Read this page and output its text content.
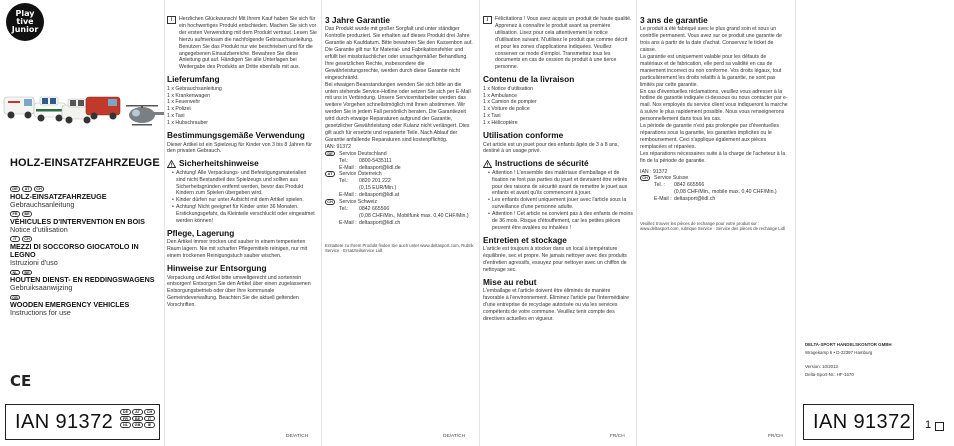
Play
tive
Junior
HOLZ-EINSATZFAHRZEUGE
DE	AT	CH
HOLZ-EINSATZFAHRZEUGE
Gebrauchsanleitung
FR	BE
VÉHICULES D'INTERVENTION EN BOIS
Notice d'utilisation
IT	CH
MEZZI DI SOCCORSO GIOCATOLO IN LEGNO
Istruzioni d'uso
NL	BE
HOUTEN DIENST- EN REDDINGSWAGENS
Gebruiksaanwijzing
GB
WOODEN EMERGENCY VEHICLES
Instructions for use
CE
IAN 91372	DE	AT	CH
FR	BE	IT
NL	GB	IE
i	Herzlichen Glückwunsch! Mit Ihrem Kauf haben Sie sich für ein hochwertiges Produkt entschieden. Machen Sie sich vor der ersten Verwendung mit dem Produkt vertraut. Lesen Sie hierzu aufmerksam die nachfolgende Gebrauchsanleitung. Benutzen Sie das Produkt nur wie beschrieben und für die angegebenen Einsatzbereiche. Bewahren Sie diese Anleitung gut auf. Händigen Sie alle Unterlagen bei Weitergabe des Produkts an Dritte ebenfalls mit aus.

Lieferumfang

1 x Gebrauchsanleitung

1 x Krankenwagen

1 x Feuerwehr

1 x Polizei

1 x Taxi

1 x Hubschrauber

Bestimmungsgemäße Verwendung

Dieser Artikel ist ein Spielzeug für Kinder von 3 bis 8 Jahren für den privaten Gebrauch.

Sicherheitshinweise
• Achtung! Alle Verpackungs- und Befestigungsmaterialien sind nicht Bestandteil des Spielzeugs und sollten aus Sicherheitsgründen entfernt werden, bevor das Produkt Kindern zum Spielen übergeben wird.
• Kinder dürfen nur unter Aufsicht mit dem Artikel spielen.
• Achtung! Nicht geeignet für Kinder unter 36 Monaten. Erstickungsgefahr, da Kleinteile verschluckt oder eingeatmet werden können!
Pflege, Lagerung

Den Artikel immer trocken und sauber in einem temperierten Raum lagern. Nie mit scharfen Pflegemitteln reinigen, nur mit einem trockenen Reinigungstuch sauber wischen.

Hinweise zur Entsorgung

Verpackung und Artikel bitte umweltgerecht und sortenrein entsorgen! Entsorgen Sie den Artikel über einen zugelassenen Entsorgungsbetrieb oder über Ihre kommunale Gemeindeverwaltung. Beachten Sie die aktuell geltenden Vorschriften.

DE/AT/CH
3 Jahre Garantie

Das Produkt wurde mit großer Sorgfalt und unter ständiger Kontrolle produziert. Sie erhalten auf dieses Produkt drei Jahre Garantie ab Kaufdatum. Bitte bewahren Sie den Kassenbon auf.

Die Garantie gilt nur für Material- und Fabrikationsfehler und erfüllt bei missbräuchlicher oder unsachgemäßer Behandlung. Ihre gesetzlichen Rechte, insbesondere die Gewährleistungsrechte, werden durch diese Garantie nicht eingeschränkt.

Bei etwaigen Beanstandungen wenden Sie sich bitte an die unten stehende Service-Hotline oder setzen Sie sich per E-Mail mit uns in Verbindung. Unsere Servicemitarbeiter werden das weitere Vorgehen schnellstmöglich mit Ihnen abstimmen. Wir werden Sie in jedem Fall persönlich beraten. Die Garantiezeit wird durch etwaige Reparaturen aufgrund der Garantie, gesetzlicher Gewährleistung oder Kulanz nicht verlängert. Dies gilt auch für ersetzte und reparierte Teile. Nach Ablauf der Garantie anfallende Reparaturen sind kostenpflichtig.

IAN: 91372

DE	Service Deutschland

Tel.:	0800-5435111
E-Mail : deltasport@lidl.de
AT	Service Österreich

Tel.:	0820 201 222
(0,15 EUR/Min.)
E-Mail : deltasport@lidl.at
CH	Service Schweiz

Tel.:	0842 665566
(0,08 CHF/Min., Mobilfunk max. 0,40 CHF/Min.)
E-Mail : deltasport@lidl.ch

Erstattete zu Ihrem Produkt finden Sie auch unter www.deltasport.com, Rubrik Service · Ersatzteilservice Lidl

DE/AT/CH
i	Félicitations ! Vous avez acquis un produit de haute qualité. Apprenez à connaître le produit avant sa première utilisation. Lisez pour cela attentivement le notice d'utilisation suivant. N'utilisez le produit que comme décrit et pour les zones d'applications indiquées. Veuillez conserver ce mode d'emploi. Transmettez tous les documents en cas de cession du produit à une tierce personne.

Contenu de la livraison

1 x Notice d'utilisation

1 x Ambulance

1 x Camion de pompier

1 x Voiture de police

1 x Taxi

1 x Hélicoptère

Utilisation conforme

Cet article est un jouet pour des enfants âgés de 3 à 8 ans, destiné à un usage privé.

Instructions de sécurité
• Attention ! L'ensemble des matériaux d'emballage et de fixation ne font pas parties du jouet et devraient être retirés pour des raisons de sécurité avant de remettre le jouet aux enfants et avant qu'ils commencent à jouer.
• Les enfants doivent uniquement jouer avec l'article sous la surveillance d'une personne adulte.
• Attention ! Cet article ne convient pas à des enfants de moins de 36 mois. Risque d'étouffement, car les petites pièces peuvent être avalées ou inhalées !
Entretien et stockage

L'article est toujours à stocker dans un local à température équilibrée, sec et propre. Ne jamais nettoyer avec des produits d'entretien agressifs, essuyez pour nettoyer avec un chiffon de nettoyage sec.

Mise au rebut

L'emballage et l'article doivent être éliminés de manière favorable à l'environnement. Éliminez l'article par l'intermédiaire d'une entreprise de recyclage autorisée ou via les services compétents de votre commune. Veuillez tenir compte des directives actuelles en vigueur.

FR/CH
3 ans de garantie

Le produit a été fabriqué avec le plus grand soin et sous un contrôle permanent. Vous avez sur ce produit une garantie de trois ans à partir de la date d'achat. Conservez le ticket de caisse.

La garantie est uniquement valable pour les défauts de matériaux et de fabrication, elle perd sa validité en cas de maniement incorrect ou non conforme. Vos droits légaux, tout particulièrement les droits relatifs à la garantie, ne sont pas limités par cette garantie.

En cas d'éventuelles réclamations, veuillez vous adresser à la hotline de garantie indiquée ci-dessous ou nous contacter par e-mail. Nos employés du service client vous indiqueront la marche à suivre le plus rapidement possible. Nous vous renseignerons personnellement dans tous les cas.

La période de garantie n'est pas prolongée par d'éventuelles réparations sous la garantie, les garanties implicites ou le remboursement. Ceci s'applique également aux pièces remplacées et réparées.

Les réparations nécessaires suite à la charge de l'acheteur à la fin de la période de garantie.

IAN : 91372

CH	Service Suisse

Tel. :	0842 665566
(0,08 CHF/Min., mobile max. 0,40 CHF/Min.)
E-Mail : deltasport@lidl.ch

Veuillez trouver les pièces de rechange pour votre produit sur : www.deltasport.com, rubrique Service · Service des pièces de rechange Lidl

FR/CH
DELTA-SPORT HANDELSKONTOR GMBH
Wragekamp 6 • D-22397 Hamburg
Version: 10/2013
Delta-Sport-Nr.: HF-1670
IAN 91372 1
